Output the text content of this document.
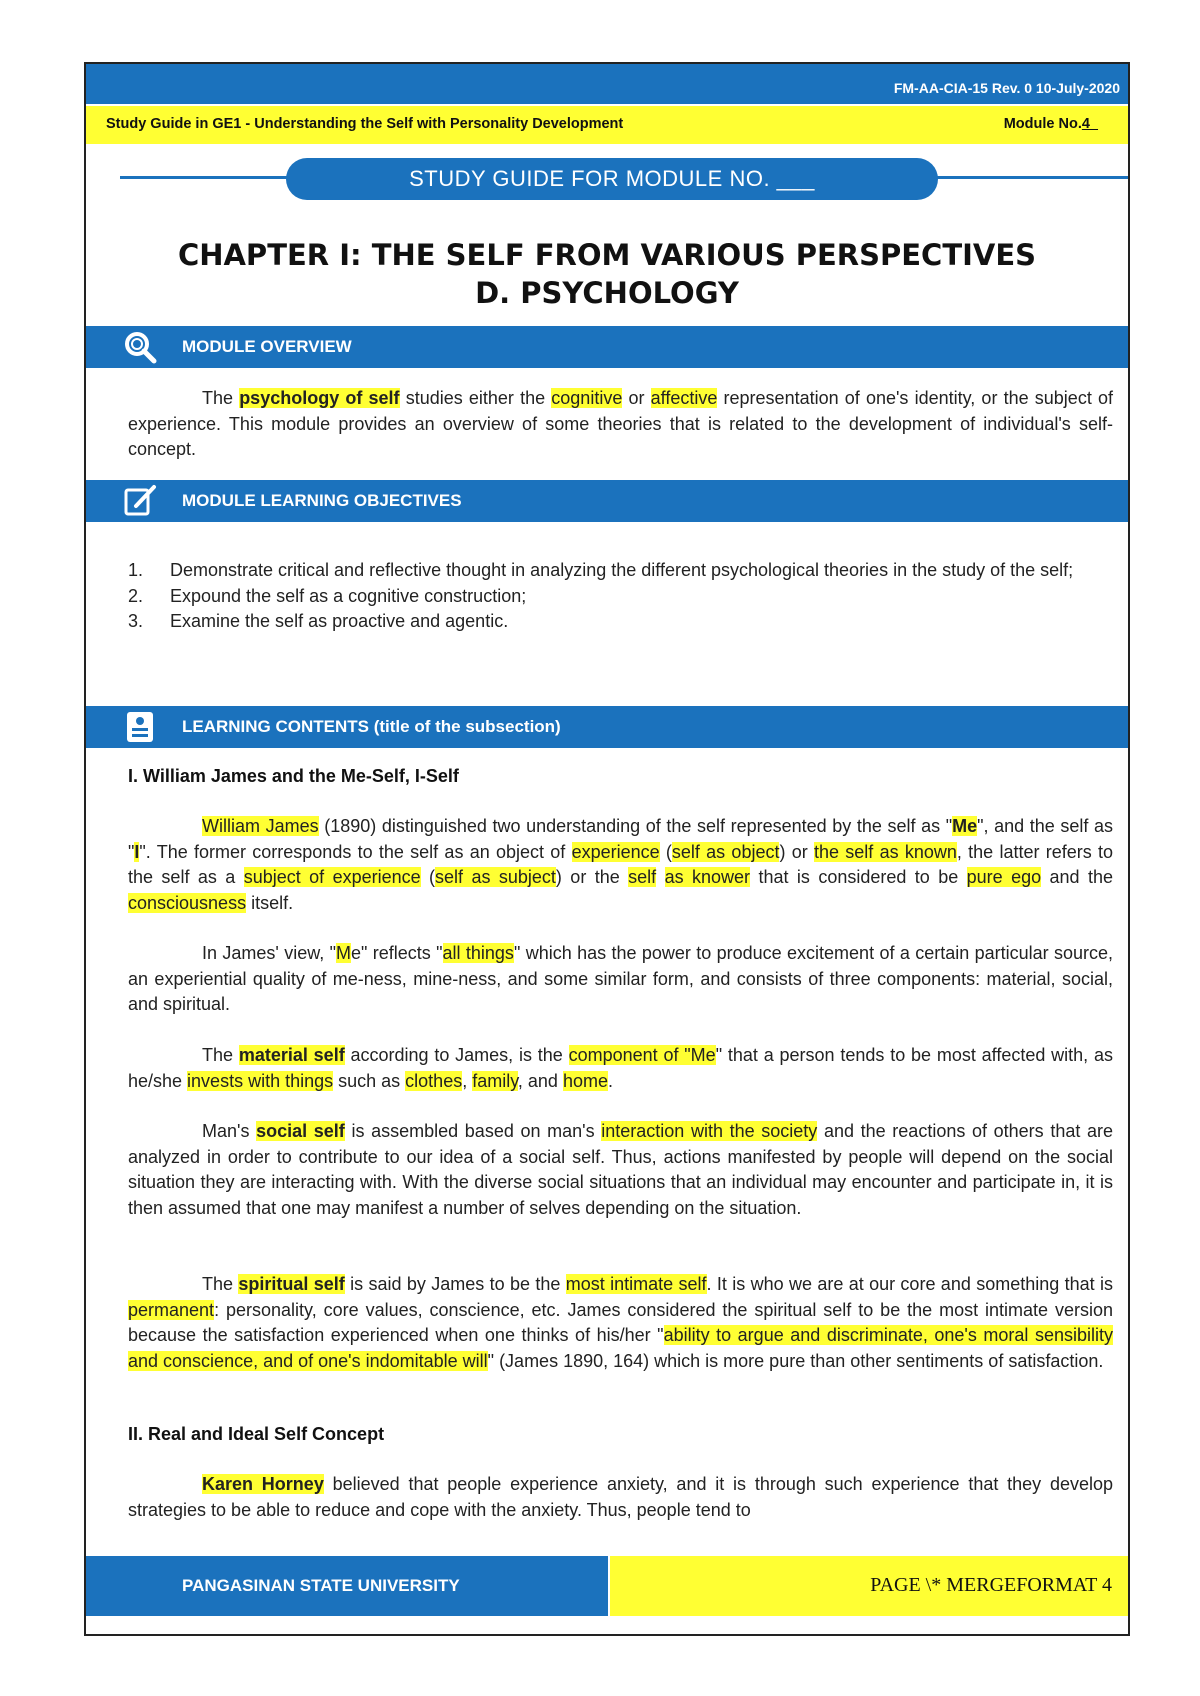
FM-AA-CIA-15 Rev. 0 10-July-2020
Study Guide in GE1 - Understanding the Self with Personality Development	Module No.4_
STUDY GUIDE FOR MODULE NO. ___
CHAPTER I: THE SELF FROM VARIOUS PERSPECTIVES
D. PSYCHOLOGY
MODULE OVERVIEW
The psychology of self studies either the cognitive or affective representation of one's identity, or the subject of experience. This module provides an overview of some theories that is related to the development of individual's self-concept.
MODULE LEARNING OBJECTIVES
1.	Demonstrate critical and reflective thought in analyzing the different psychological theories in the study of the self;
2.	Expound the self as a cognitive construction;
3.	Examine the self as proactive and agentic.
LEARNING CONTENTS (title of the subsection)
I. William James and the Me-Self, I-Self
William James (1890) distinguished two understanding of the self represented by the self as "Me", and the self as "I". The former corresponds to the self as an object of experience (self as object) or the self as known, the latter refers to the self as a subject of experience (self as subject) or the self as knower that is considered to be pure ego and the consciousness itself.
In James' view, "Me" reflects "all things" which has the power to produce excitement of a certain particular source, an experiential quality of me-ness, mine-ness, and some similar form, and consists of three components: material, social, and spiritual.
The material self according to James, is the component of "Me" that a person tends to be most affected with, as he/she invests with things such as clothes, family, and home.
Man's social self is assembled based on man's interaction with the society and the reactions of others that are analyzed in order to contribute to our idea of a social self. Thus, actions manifested by people will depend on the social situation they are interacting with. With the diverse social situations that an individual may encounter and participate in, it is then assumed that one may manifest a number of selves depending on the situation.
The spiritual self is said by James to be the most intimate self. It is who we are at our core and something that is permanent: personality, core values, conscience, etc. James considered the spiritual self to be the most intimate version because the satisfaction experienced when one thinks of his/her "ability to argue and discriminate, one's moral sensibility and conscience, and of one's indomitable will" (James 1890, 164) which is more pure than other sentiments of satisfaction.
II. Real and Ideal Self Concept
Karen Horney believed that people experience anxiety, and it is through such experience that they develop strategies to be able to reduce and cope with the anxiety. Thus, people tend to
PANGASINAN STATE UNIVERSITY	PAGE \* MERGEFORMAT 4
